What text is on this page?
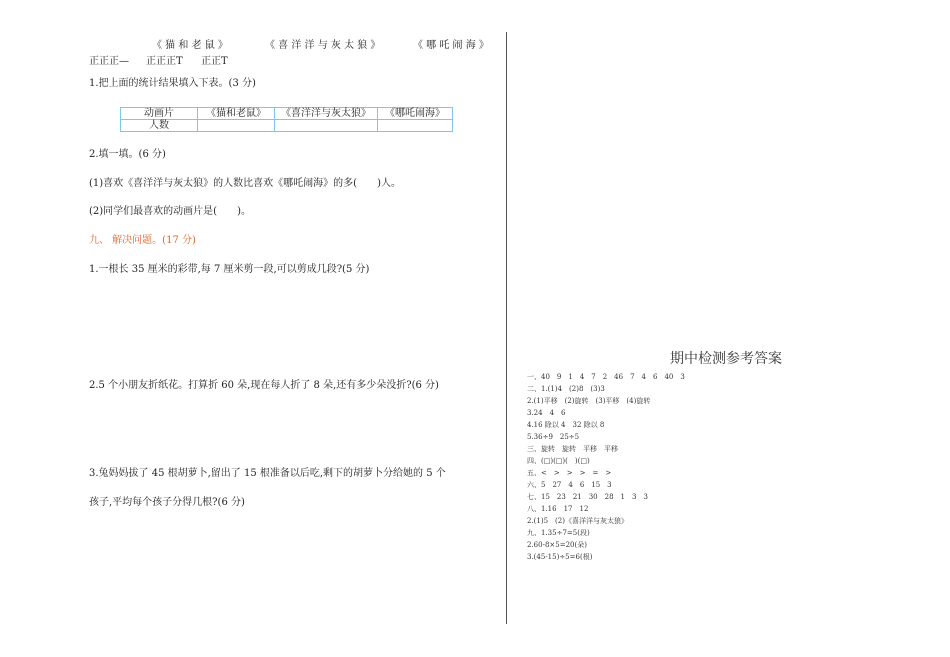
《 猫 和 老 鼠 》	《 喜 洋 洋 与 灰 太 狼 》	《 哪 吒 闹 海 》
正正正— 正正正T 正正T
1.把上面的统计结果填入下表。(3 分)
动画片	《猫和老鼠》	《喜洋洋与灰太狼》	《哪吒闹海》
人数			
2.填一填。(6 分)
(1)喜欢《喜洋洋与灰太狼》的人数比喜欢《哪吒闹海》的多(　　)人。
(2)同学们最喜欢的动画片是(　　)。
九、 解决问题。(17 分)
1.一根长 35 厘米的彩带,每 7 厘米剪一段,可以剪成几段?(5 分)
2.5 个小朋友折纸花。打算折 60 朵,现在每人折了 8 朵,还有多少朵没折?(6 分)
3.兔妈妈拔了 45 根胡萝卜,留出了 15 根准备以后吃,剩下的胡萝卜分给她的 5 个
孩子,平均每个孩子分得几根?(6 分)
期中检测参考答案
一、40　9　1　4　7　2　46　7　4　6　40　3
二、1.(1)4　(2)8　(3)3
2.(1)平移　(2)旋转　(3)平移　(4)旋转
3.24　4　6
4.16 除以 4　32 除以 8
5.36÷9　25÷5
三、旋转　旋转　平移　平移
四、(□)(□)(　)(□)
五、<　>　>　>　=　>
六、5　27　4　6　15　3
七、15　23　21　30　28　1　3　3
八、1.16　17　12
2.(1)5　(2)《喜洋洋与灰太狼》
九、1.35÷7=5(段)
2.60-8×5=20(朵)
3.(45-15)÷5=6(根)
